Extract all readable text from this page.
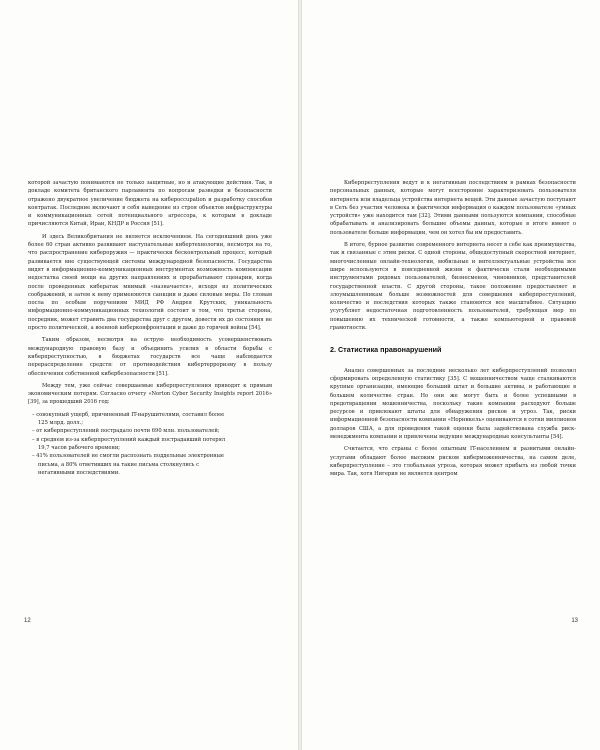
которой зачастую понимаются не только защитные, но и атакующие действия. Так, в докладе комитета британского парламента по вопросам разведки и безопасности отражено двукратное увеличение бюджета на киберoccupation и разработку способов контратак. Последние включают в себя выведение из строя объектов инфраструктуры и коммуникационных сетей потенциального агрессора, к которым в докладе причисляются Китай, Иран, КНДР и Россия [51].

И здесь Великобритания не является исключением. На сегодняшний день уже более 60 стран активно развивают наступательные кибертехнологии, несмотря на то, что распространение кибероружия — практически бесконтрольный процесс, который развивается вне существующей системы международной безопасности. Государства видят в информационно-коммуникационных инструментах возможность компенсации недостатка своей мощи на других направлениях и прорабатывают сценарии, когда после проведенных кибератак мнимый «назначается», исходя из политических соображений, и затем к нему применяются санкции и даже силовые меры. По словам посла по особым поручениям МИД РФ Андрея Крутских, уникальность информационно-коммуникационных технологий состоит в том, что третья сторона, посредник, может стравить два государства друг с другом, довести их до состояния не просто политической, а военной киберконфронтации и даже до горячей войны [54].

Таким образом, несмотря на острую необходимость усовершенствовать международную правовую базу и объединить усилия в области борьбы с киберпреступностью, в бюджетах государств все чаще наблюдается перераспределение средств: от противодействия кибертерроризму в пользу обеспечения собственной кибербезопасности [51].

Между тем, уже сейчас совершаемые киберпреступления приводят к прямым экономическим потерям. Согласно отчету «Norton Cyber Security Insights report 2016» [39], за прошедший 2016 год:

– совокупный ущерб, причиненный IT-нарушителями, составил более
125 млрд. долл.;
– от киберпреступлений пострадало почти 690 млн. пользователей;
– в среднем из-за киберпреступлений каждый пострадавший потерял
19,7 часов рабочего времени;
– 41% пользователей не смогли распознать поддельные электронные
письма, а 80% ответивших на такие письма столкнулись с
негативными последствиями.
12

Киберпреступления ведут и к негативным последствиям в рамках безопасности персональных данных, которые могут всесторонне характеризовать пользователя интернета или владельца устройства интернета вещей. Эти данные зачастую поступают в Сеть без участия человека и фактически информация о каждом пользователе «умных устройств» уже находится там [32]. Этими данными пользуются компании, способные обрабатывать и анализировать большие объемы данных, которые в итоге имеют о пользователе больше информации, чем он хотел бы им предоставить.

В итоге, бурное развитие современного интернета несет в себе как преимущества, так и связанные с этим риски. С одной стороны, общедоступный скоростной интернет, многочисленные онлайн-технологии, мобильные и интеллектуальные устройства все шире используются в повседневной жизни и фактически стали необходимыми инструментами рядовых пользователей, бизнесменов, чиновников, представителей государственной власти. С другой стороны, такое положение предоставляет и злоумышленникам больше возможностей для совершения киберпреступлений, количество и последствия которых также становятся все масштабнее. Ситуацию усугубляет недостаточная подготовленность пользователей, требующая мер по повышению их технической готовности, а также компьютерной и правовой грамотности.

2. Статистика правонарушений

Анализ совершенных за последние несколько лет киберпреступлений позволил сформировать определенную статистику [35]. С мошенничеством чаще сталкиваются крупные организации, имеющие больший штат и большие активы, и работающие в большем количестве стран. Но они же могут быть и более успешными в предотвращении мошенничества, поскольку такие компании расходуют больше ресурсов и привлекают штаты для обнаружения рисков и угроз. Так, риски информационной безопасности компании «Норникель» оцениваются в сотни миллионов долларов США, а для проведения такой оценки была задействована служба риск-менеджмента компании и привлечены ведущие международные консультанты [54].

Считается, что страны с более опытным IT-населением и развитыми онлайн-услугами обладают более высоким риском киберможенничества, на самом деле, киберпреступление – это глобальная угроза, которая может прибыть из любой точки мира. Так, хотя Нигерия не является центром

13
